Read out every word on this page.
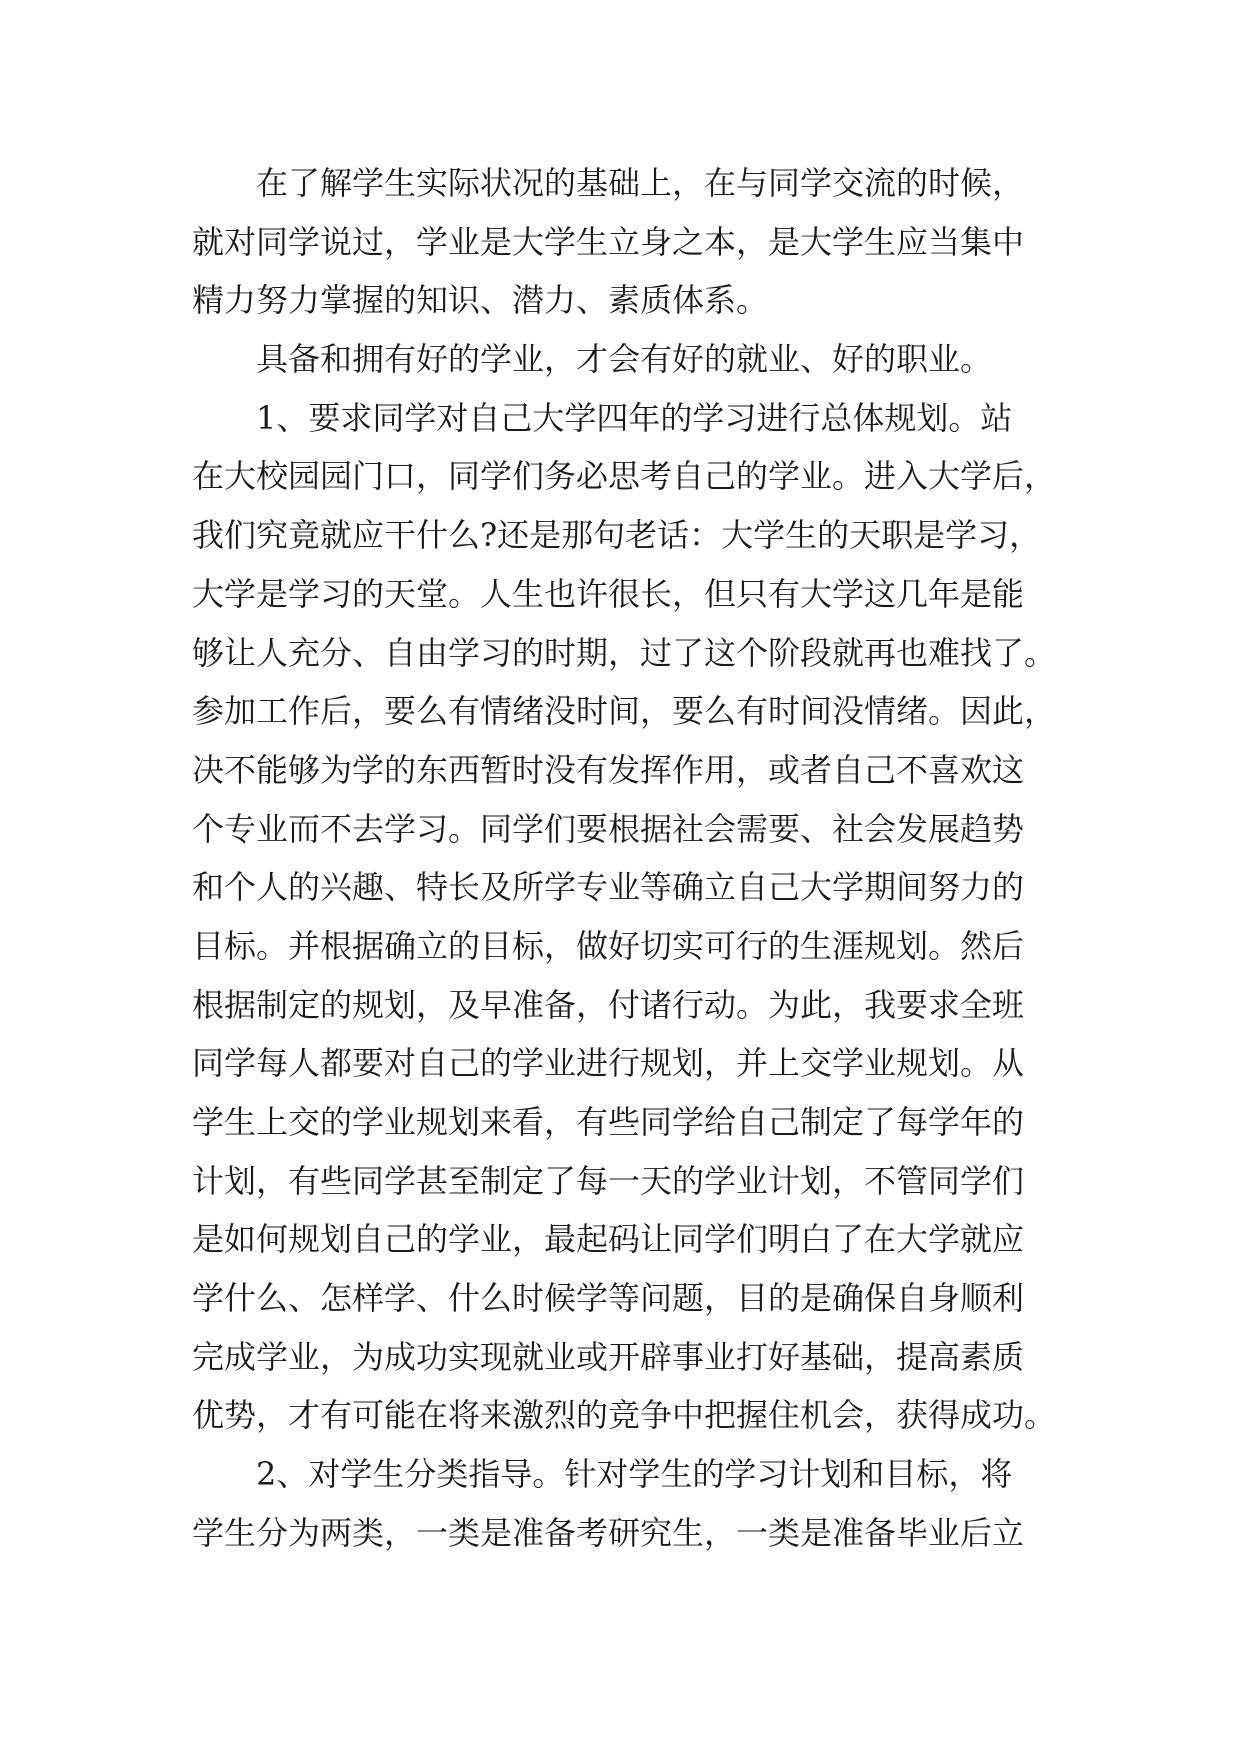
在了解学生实际状况的基础上，在与同学交流的时候，
就对同学说过，学业是大学生立身之本，是大学生应当集中
精力努力掌握的知识、潜力、素质体系。
具备和拥有好的学业，才会有好的就业、好的职业。
1、要求同学对自己大学四年的学习进行总体规划。站
在大校园园门口，同学们务必思考自己的学业。进入大学后，
我们究竟就应干什么?还是那句老话：大学生的天职是学习，
大学是学习的天堂。人生也许很长，但只有大学这几年是能
够让人充分、自由学习的时期，过了这个阶段就再也难找了。
参加工作后，要么有情绪没时间，要么有时间没情绪。因此，
决不能够为学的东西暂时没有发挥作用，或者自己不喜欢这
个专业而不去学习。同学们要根据社会需要、社会发展趋势
和个人的兴趣、特长及所学专业等确立自己大学期间努力的
目标。并根据确立的目标，做好切实可行的生涯规划。然后
根据制定的规划，及早准备，付诸行动。为此，我要求全班
同学每人都要对自己的学业进行规划，并上交学业规划。从
学生上交的学业规划来看，有些同学给自己制定了每学年的
计划，有些同学甚至制定了每一天的学业计划，不管同学们
是如何规划自己的学业，最起码让同学们明白了在大学就应
学什么、怎样学、什么时候学等问题，目的是确保自身顺利
完成学业，为成功实现就业或开辟事业打好基础，提高素质
优势，才有可能在将来激烈的竞争中把握住机会，获得成功。
2、对学生分类指导。针对学生的学习计划和目标，将
学生分为两类，一类是准备考研究生，一类是准备毕业后立
